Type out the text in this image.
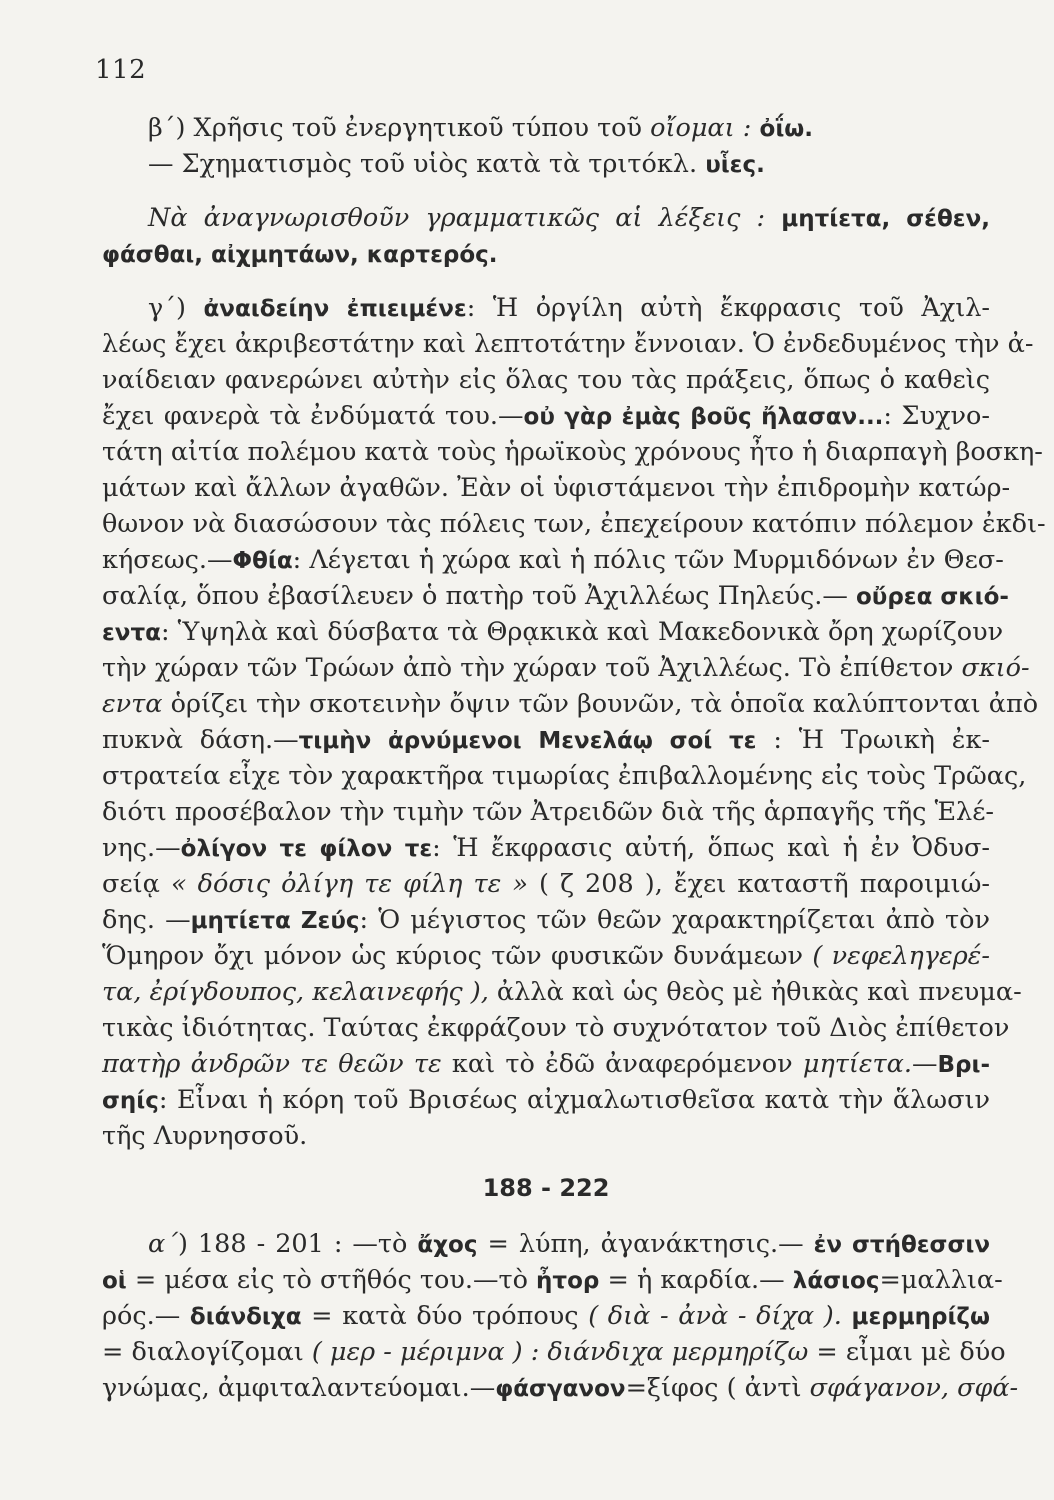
112
β΄) Χρῆσις τοῦ ἐνεργητικοῦ τύπου τοῦ οἴομαι : ὀΐω.
— Σχηματισμὸς τοῦ υἱὸς κατὰ τὰ τριτόκλ. υἷες.
Νὰ ἀναγνωρισθοῦν γραμματικῶς αἱ λέξεις : μητίετα, σέθεν,
φάσθαι, αἰχμητάων, καρτερός.
γ΄) ἀναιδείην ἐπιειμένε: Ἡ ὀργίλη αὐτὴ ἔκφρασις τοῦ Ἀχιλ-
λέως ἔχει ἀκριβεστάτην καὶ λεπτοτάτην ἔννοιαν. Ὁ ἐνδεδυμένος τὴν ἀ-
ναίδειαν φανερώνει αὐτὴν εἰς ὅλας του τὰς πράξεις, ὅπως ὁ καθεὶς
ἔχει φανερὰ τὰ ἐνδύματά του.—οὐ γὰρ ἐμὰς βοῦς ἤλασαν...: Συχνο-
τάτη αἰτία πολέμου κατὰ τοὺς ἡρωϊκοὺς χρόνους ἦτο ἡ διαρπαγὴ βοσκη-
μάτων καὶ ἄλλων ἀγαθῶν. Ἐὰν οἱ ὑφιστάμενοι τὴν ἐπιδρομὴν κατώρ-
θωνον νὰ διασώσουν τὰς πόλεις των, ἐπεχείρουν κατόπιν πόλεμον ἐκδι-
κήσεως.—Φθία: Λέγεται ἡ χώρα καὶ ἡ πόλις τῶν Μυρμιδόνων ἐν Θεσ-
σαλίᾳ, ὅπου ἐβασίλευεν ὁ πατὴρ τοῦ Ἀχιλλέως Πηλεύς.— οὔρεα σκιό-
εντα: Ὑψηλὰ καὶ δύσβατα τὰ Θρᾳκικὰ καὶ Μακεδονικὰ ὄρη χωρίζουν
τὴν χώραν τῶν Τρώων ἀπὸ τὴν χώραν τοῦ Ἀχιλλέως. Τὸ ἐπίθετον σκιό-
εντα ὁρίζει τὴν σκοτεινὴν ὄψιν τῶν βουνῶν, τὰ ὁποῖα καλύπτονται ἀπὸ
πυκνὰ δάση.—τιμὴν ἀρνύμενοι Μενελάῳ σοί τε : Ἡ Τρωικὴ ἐκ-
στρατεία εἶχε τὸν χαρακτῆρα τιμωρίας ἐπιβαλλομένης εἰς τοὺς Τρῶας,
διότι προσέβαλον τὴν τιμὴν τῶν Ἀτρειδῶν διὰ τῆς ἁρπαγῆς τῆς Ἑλέ-
νης.—ὀλίγον τε φίλον τε: Ἡ ἔκφρασις αὐτή, ὅπως καὶ ἡ ἐν Ὀδυσ-
σείᾳ « δόσις ὀλίγη τε φίλη τε » ( ζ 208 ), ἔχει καταστῆ παροιμιώ-
δης. —μητίετα Ζεύς: Ὁ μέγιστος τῶν θεῶν χαρακτηρίζεται ἀπὸ τὸν
Ὅμηρον ὄχι μόνον ὡς κύριος τῶν φυσικῶν δυνάμεων ( νεφεληγερέ-
τα, ἐρίγδουπος, κελαινεφής ), ἀλλὰ καὶ ὡς θεὸς μὲ ἠθικὰς καὶ πνευμα-
τικὰς ἰδιότητας. Ταύτας ἐκφράζουν τὸ συχνότατον τοῦ Διὸς ἐπίθετον
πατὴρ ἀνδρῶν τε θεῶν τε καὶ τὸ ἐδῶ ἀναφερόμενον μητίετα.—Βρι-
σηίς: Εἶναι ἡ κόρη τοῦ Βρισέως αἰχμαλωτισθεῖσα κατὰ τὴν ἅλωσιν
τῆς Λυρνησσοῦ.
188 - 222
α΄) 188 - 201 : —τὸ ἄχος = λύπη, ἀγανάκτησις.— ἐν στήθεσσιν
οἱ = μέσα εἰς τὸ στῆθός του.—τὸ ἦτορ = ἡ καρδία.— λάσιος=μαλλια-
ρός.— διάνδιχα = κατὰ δύο τρόπους ( διὰ - ἀνὰ - δίχα ). μερμηρίζω
= διαλογίζομαι ( μερ - μέριμνα ) : διάνδιχα μερμηρίζω = εἶμαι μὲ δύο
γνώμας, ἀμφιταλαντεύομαι.—φάσγανον=ξίφος ( ἀντὶ σφάγανον, σφά-
